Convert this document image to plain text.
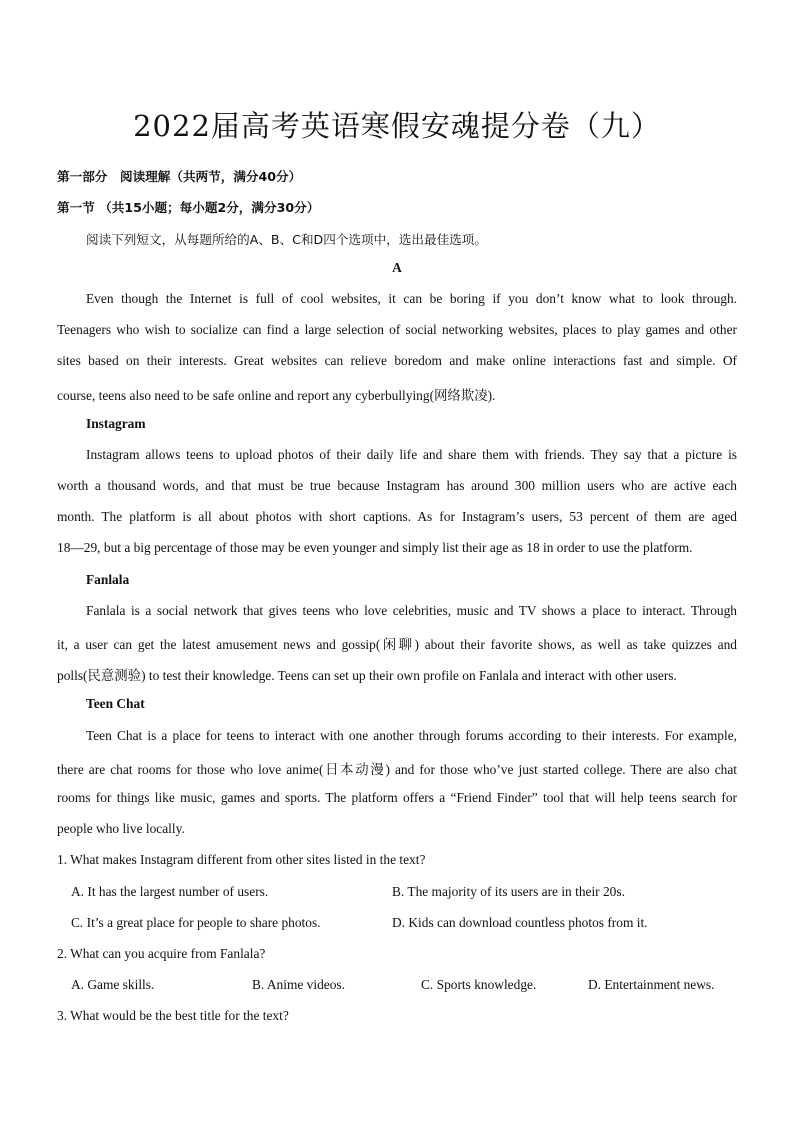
2022届高考英语寒假安魂提分卷（九）
第一部分　阅读理解（共两节，满分40分）
第一节 （共15小题；每小题2分，满分30分）
阅读下列短文，从每题所给的A、B、C和D四个选项中，选出最佳选项。
A
Even though the Internet is full of cool websites, it can be boring if you don’t know what to look through.
Teenagers who wish to socialize can find a large selection of social networking websites, places to play games and other
sites based on their interests. Great websites can relieve boredom and make online interactions fast and simple. Of
course, teens also need to be safe online and report any cyberbullying(网络欺凌).
Instagram
Instagram allows teens to upload photos of their daily life and share them with friends. They say that a picture is
worth a thousand words, and that must be true because Instagram has around 300 million users who are active each
month. The platform is all about photos with short captions. As for Instagram’s users, 53 percent of them are aged
18—29, but a big percentage of those may be even younger and simply list their age as 18 in order to use the platform.
Fanlala
Fanlala is a social network that gives teens who love celebrities, music and TV shows a place to interact. Through
it, a user can get the latest amusement news and gossip(闲聊) about their favorite shows, as well as take quizzes and
polls(民意测验) to test their knowledge. Teens can set up their own profile on Fanlala and interact with other users.
Teen Chat
Teen Chat is a place for teens to interact with one another through forums according to their interests. For example,
there are chat rooms for those who love anime(日本动漫) and for those who’ve just started college. There are also chat
rooms for things like music, games and sports. The platform offers a “Friend Finder” tool that will help teens search for
people who live locally.
1. What makes Instagram different from other sites listed in the text?
A. It has the largest number of users.	B. The majority of its users are in their 20s.
C. It’s a great place for people to share photos.	D. Kids can download countless photos from it.
2. What can you acquire from Fanlala?
A. Game skills.	B. Anime videos.	C. Sports knowledge.	D. Entertainment news.
3. What would be the best title for the text?
